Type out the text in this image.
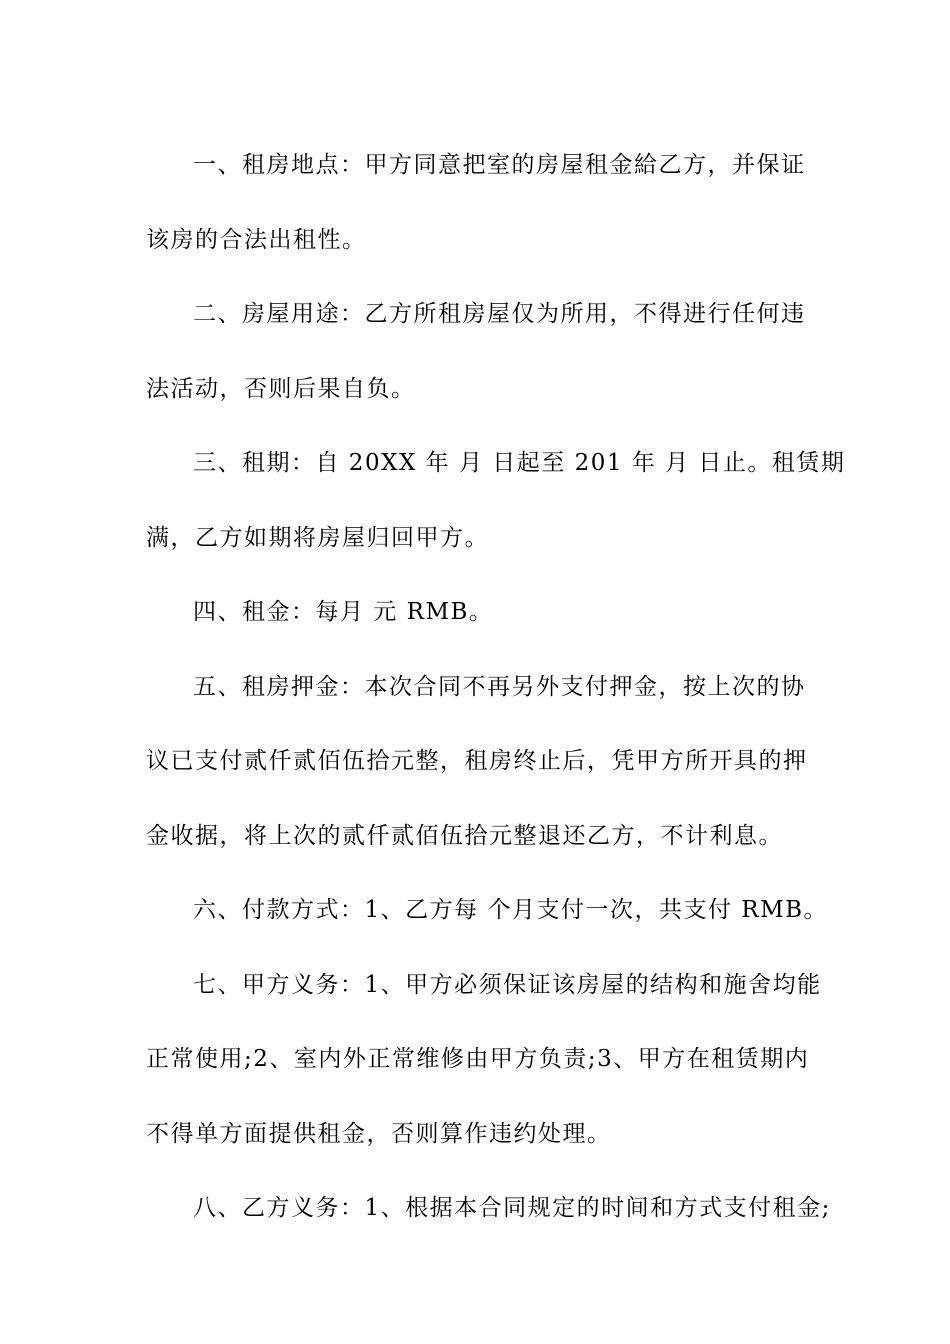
一、租房地点：甲方同意把室的房屋租金給乙方，并保证
该房的合法出租性。
二、房屋用途：乙方所租房屋仅为所用，不得进行任何违
法活动，否则后果自负。
三、租期：自 20XX 年 月 日起至 201 年 月 日止。租赁期
满，乙方如期将房屋归回甲方。
四、租金：每月 元 RMB。
五、租房押金：本次合同不再另外支付押金，按上次的协
议已支付贰仟贰佰伍拾元整，租房终止后，凭甲方所开具的押
金收据，将上次的贰仟贰佰伍拾元整退还乙方，不计利息。
六、付款方式：1、乙方每 个月支付一次，共支付 RMB。
七、甲方义务：1、甲方必须保证该房屋的结构和施舍均能
正常使用;2、室内外正常维修由甲方负责;3、甲方在租赁期内
不得单方面提供租金，否则算作违约处理。
八、乙方义务：1、根据本合同规定的时间和方式支付租金;
